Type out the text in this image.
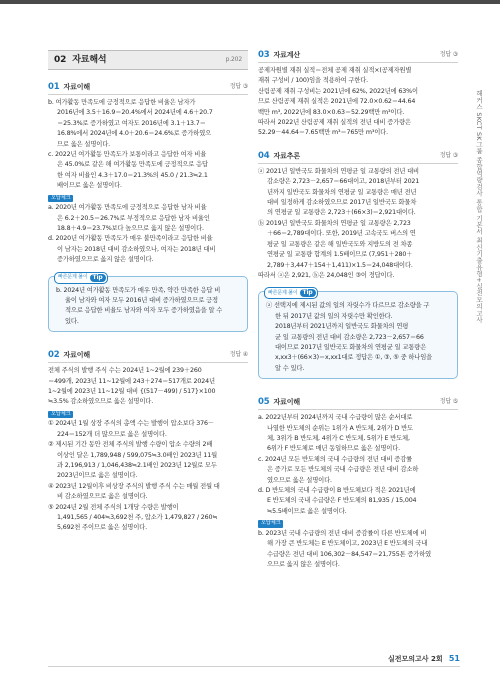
02 자료해석	p.202
01 자료이해	정답 ③

b. 여가활동 만족도에 긍정적으로 응답한 비율은 남자가

2016년에 3.5＋16.9＝20.4%에서 2024년에 4.6＋20.7

＝25.3%로 증가하였고 여자도 2016년에 3.1＋13.7＝

16.8%에서 2024년에 4.0＋20.6＝24.6%로 증가하였으

므로 옳은 설명이다.

c. 2022년 여가활동 만족도가 보통이라고 응답한 여자 비율

은 45.0%로 같은 해 여가활동 만족도에 긍정적으로 응답

한 여자 비율인 4.3＋17.0＝21.3%의 45.0 / 21.3≒2.1

배이므로 옳은 설명이다.

오답체크

a. 2020년 여가활동 만족도에 긍정적으로 응답한 남자 비율

은 6.2＋20.5＝26.7%로 부정적으로 응답한 남자 비율인

18.8＋4.9＝23.7%보다 높으므로 옳지 않은 설명이다.

d. 2020년 여가활동 만족도가 매우 불만족이라고 응답한 비율

이 남자는 2018년 대비 감소하였으나, 여자는 2018년 대비

증가하였으므로 옳지 않은 설명이다.

빠른문제 풀이 Tip

b. 2024년 여가활동 만족도가 매우 만족, 약간 만족한 응답 비

율이 남자와 여자 모두 2016년 대비 증가하였으므로 긍정

적으로 응답한 비율도 남자와 여자 모두 증가하였음을 알 수

있다.

02 자료이해	정답 ④

전체 주식의 발행 주식 수는 2024년 1~2월에 239＋260

＝499개, 2023년 11~12월에 243＋274＝517개로 2024년

1~2월에 2023년 11~12월 대비 {(517－499) / 517}×100

≒3.5% 감소하였으므로 옳은 설명이다.

오답체크

① 2024년 1월 상장 주식의 총액 수는 발행이 압소보다 376－

224＝152개 더 많으므로 옳은 설명이다.

② 제시된 기간 동안 전체 주식의 발행 수량이 압소 수량의 2배

이상인 달은 1,789,948 / 599,075≒3.0배인 2023년 11월

과 2,196,913 / 1,046,438≒2.1배인 2023년 12월로 모두

2023년이므로 옳은 설명이다.

④ 2023년 12월이후 비상장 주식의 발행 주식 수는 매월 전월 대

비 감소하였으므로 옳은 설명이다.

⑤ 2024년 2월 전체 주식의 1개당 수량은 발행이

1,491,565 / 404≒3,692천 주, 압소가 1,479,827 / 260≒

5,692천 주이므로 옳은 설명이다.

03 자료계산	정답 ③

공제자원별 재취 실적＝전체 공제 재취 실적×(공제자원별

재취 구성비 / 100)임을 적용하여 구한다.

산림공제 재취 구성비는 2021년에 62%, 2022년에 63%이

므로 산림공제 재취 실적은 2021년에 72.0×0.62＝44.64

백만 m³, 2022년에 83.0×0.63＝52.29백만 m³이다.

따라서 2022년 산림공제 재취 실적의 전년 대비 증가량은

52.29－44.64＝7.65백만 m³＝765만 m³이다.

04 자료추론	정답 ③

ⓐ 2021년 일반국도 화물차의 연평균 일 교통량의 전년 대비

감소량은 2,723－2,657＝66대이고, 2018년부터 2021

년까지 일반국도 화물차의 연평균 일 교통량은 매년 전년

대비 일정하게 감소하였으므로 2017년 일반국도 화물차

의 연평균 일 교통량은 2,723＋(66×3)＝2,921대이다.

ⓑ 2019년 일반국도 화물차의 연평균 일 교통량은 2,723

＋66＝2,789대이다. 또한, 2019년 고속국도 버스의 연

평균 일 교통량은 같은 해 일반국도와 지방도의 전 차종

연평균 일 교통량 합계의 1.5배이므로 (7,951＋280＋

2,789＋3,447＋154＋1,411)×1.5＝24,048대이다.

따라서 ⓐ은 2,921, ⓑ은 24,048인 ③이 정답이다.

빠른문제 풀이 Tip

ⓐ 선택지에 제시된 값의 일의 자릿수가 다르므로 감소량을 구

한 뒤 2017년 값의 일의 자릿수만 확인한다.

2018년부터 2021년까지 일반국도 화물차의 연평

균 일 교통량의 전년 대비 감소량은 2,723－2,657＝66

대이므로 2017년 일반국도 화물차의 연평균 일 교통량은

x,xx3＋(66×3)＝x,xx1대로 정답은 ①, ③, ⑤ 중 하나임을

알 수 있다.

05 자료이해	정답 ⑤

a. 2022년부터 2024년까지 국내 수급량이 많은 순서대로

나열한 반도체의 순위는 1위가 A 반도체, 2위가 D 반도

체, 3위가 B 반도체, 4위가 C 반도체, 5위가 E 반도체,

6위가 F 반도체로 매년 동일하므로 옳은 설명이다.

c. 2024년 모든 반도체의 국내 수급량의 전년 대비 증감률

은 증가로 모든 반도체의 국내 수급량은 전년 대비 감소하

였으므로 옳은 설명이다.

d. D 반도체의 국내 수급량이 B 반도체보다 적은 2021년에

E 반도체의 국내 수급량은 F 반도체의 81,935 / 15,004

≒5.5배이므로 옳은 설명이다.

오답체크

b. 2023년 국내 수급량의 전년 대비 증감률이 다른 반도체에 비

해 가장 큰 반도체는 E 반도체이고, 2023년 E 반도체의 국내

수급량은 전년 대비 106,302－84,547＝21,755톤 증가하였

으므로 옳지 않은 설명이다.

해커스 SKCT SK그룹 종합역량검사 통합 기본서 최신기출유형+실전모의고사
실전모의고사 2회 51
